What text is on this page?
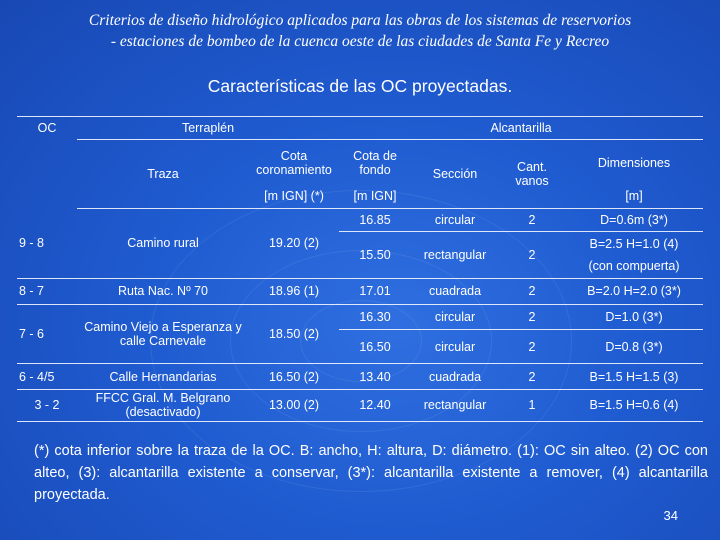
Criterios de diseño hidrológico aplicados para las obras de los sistemas de reservorios
- estaciones de bombeo de la cuenca oeste de las ciudades de Santa Fe y Recreo
Características de las OC proyectadas.
OC	Terraplén		Alcantarilla			
	Traza	Cota coronamiento	Cota de fondo	Sección	Cant. vanos	Dimensiones
		[m IGN] (*)	[m IGN]			[m]
9 - 8	Camino rural	19.20 (2)	16.85	circular	2	D=0.6m (3*)
			15.50	rectangular	2	B=2.5 H=1.0 (4)
(con compuerta)

8 - 7	Ruta Nac. Nº 70	18.96 (1)	17.01	cuadrada	2	B=2.0 H=2.0 (3*)
7 - 6	Camino Viejo a Esperanza y calle Carnevale	18.50 (2)	16.30	circular	2	D=1.0 (3*)
			16.50	circular	2	D=0.8 (3*)
6 - 4/5	Calle Hernandarias	16.50 (2)	13.40	cuadrada	2	B=1.5 H=1.5 (3)
3 - 2	FFCC Gral. M. Belgrano (desactivado)	13.00 (2)	12.40	rectangular	1	B=1.5 H=0.6 (4)
(*) cota inferior sobre la traza de la OC. B: ancho, H: altura, D: diámetro. (1): OC sin alteo. (2) OC con alteo, (3): alcantarilla existente a conservar, (3*): alcantarilla existente a remover, (4) alcantarilla proyectada.
34
